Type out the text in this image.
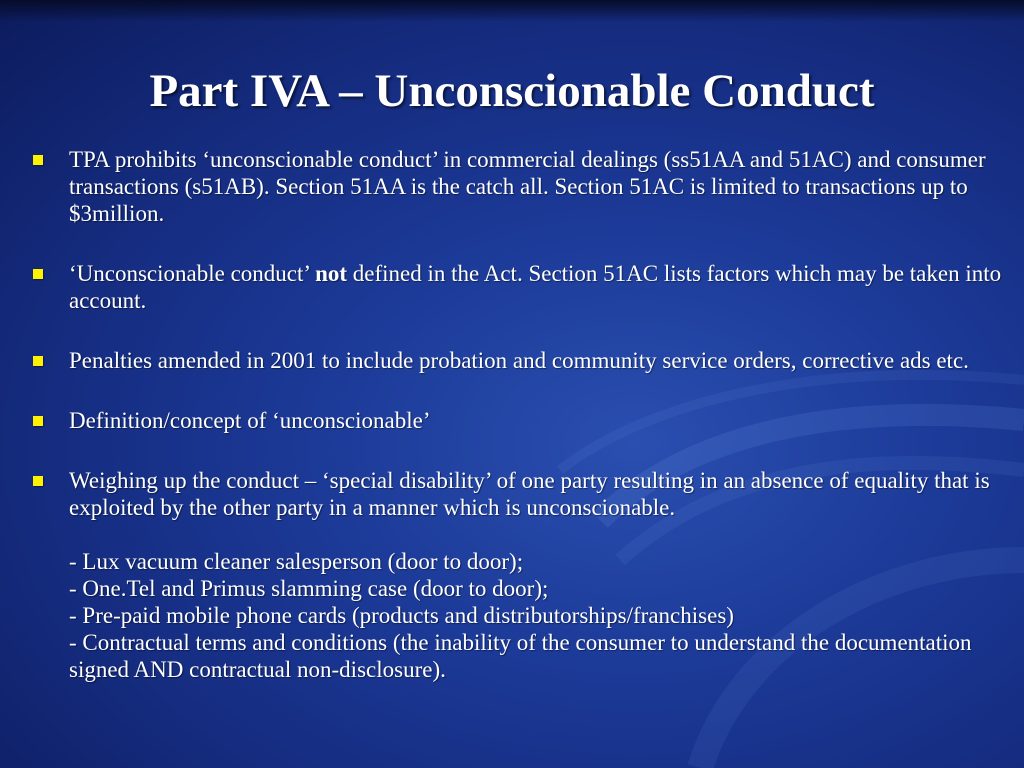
Part IVA – Unconscionable Conduct
TPA prohibits ‘unconscionable conduct’ in commercial dealings (ss51AA and 51AC) and consumer transactions (s51AB). Section 51AA is the catch all. Section 51AC is limited to transactions up to $3million.
‘Unconscionable conduct’ not defined in the Act. Section 51AC lists factors which may be taken into account.
Penalties amended in 2001 to include probation and community service orders, corrective ads etc.
Definition/concept of ‘unconscionable’
Weighing up the conduct – ‘special disability’ of one party resulting in an absence of equality that is exploited by the other party in a manner which is unconscionable.
- Lux vacuum cleaner salesperson (door to door);
- One.Tel and Primus slamming case (door to door);
- Pre-paid mobile phone cards (products and distributorships/franchises)
- Contractual terms and conditions (the inability of the consumer to understand the documentation signed AND contractual non-disclosure).
